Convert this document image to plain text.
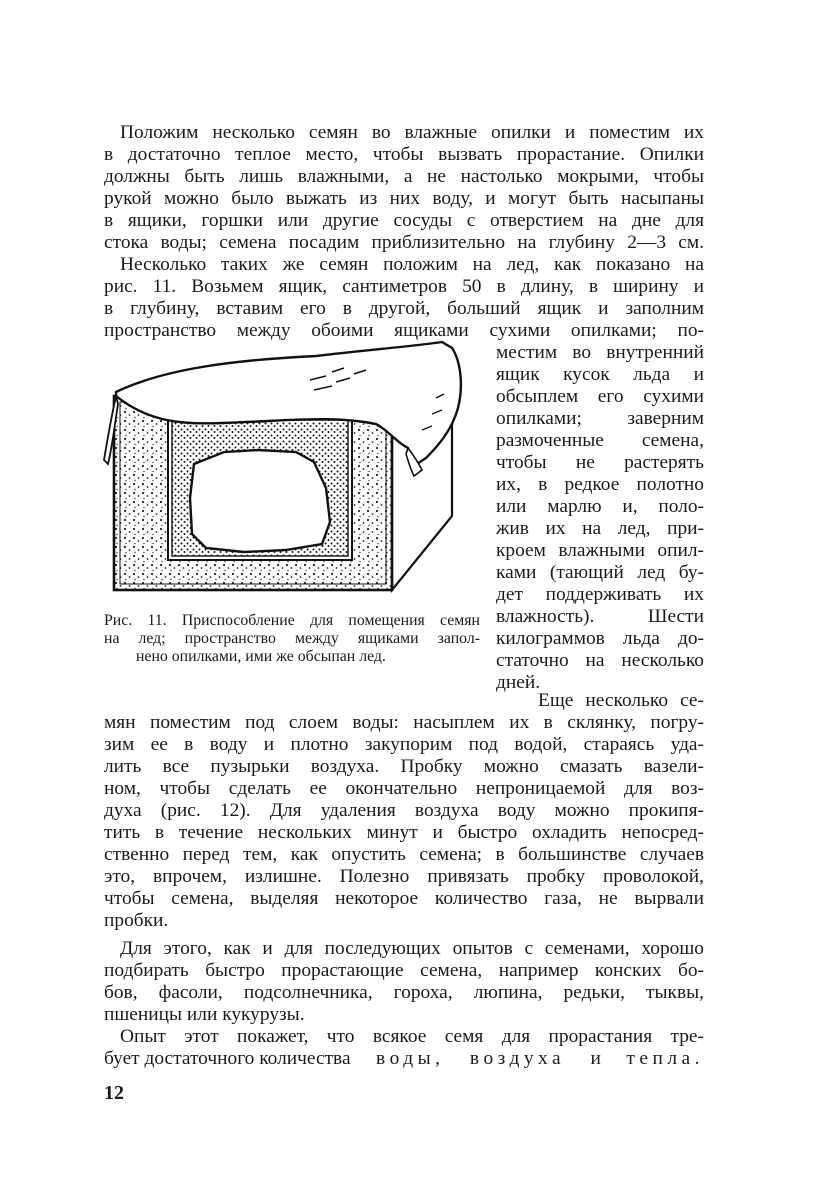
Положим несколько семян во влажные опилки и поместим их
в достаточно теплое место, чтобы вызвать прорастание. Опилки
должны быть лишь влажными, а не настолько мокрыми, чтобы
рукой можно было выжать из них воду, и могут быть насыпаны
в ящики, горшки или другие сосуды с отверстием на дне для
стока воды; семена посадим приблизительно на глубину 2—3 см.
Несколько таких же семян положим на лед, как показано на
рис. 11. Возьмем ящик, сантиметров 50 в длину, в ширину и
в глубину, вставим его в другой, больший ящик и заполним
пространство между обоими ящиками сухими опилками; по-
местим во внутренний
ящик кусок льда и
обсыплем его сухими
опилками; заверним
размоченные семена,
чтобы не растерять
их, в редкое полотно
или марлю и, поло-
жив их на лед, при-
кроем влажными опил-
ками (тающий лед бу-
дет поддерживать их
влажность). Шести
килограммов льда до-
статочно на несколько
дней.
Рис. 11. Приспособление для помещения семян
на лед; пространство между ящиками запол-
нено опилками, ими же обсыпан лед.
Еще несколько се-
мян поместим под слоем воды: насыплем их в склянку, погру-
зим ее в воду и плотно закупорим под водой, стараясь уда-
лить все пузырьки воздуха. Пробку можно смазать вазели-
ном, чтобы сделать ее окончательно непроницаемой для воз-
духа (рис. 12). Для удаления воздуха воду можно прокипя-
тить в течение нескольких минут и быстро охладить непосред-
ственно перед тем, как опустить семена; в большинстве случаев
это, впрочем, излишне. Полезно привязать пробку проволокой,
чтобы семена, выделяя некоторое количество газа, не вырвали
пробки.
Для этого, как и для последующих опытов с семенами, хорошо
подбирать быстро прорастающие семена, например конских бо-
бов, фасоли, подсолнечника, гороха, люпина, редьки, тыквы,
пшеницы или кукурузы.
Опыт этот покажет, что всякое семя для прорастания тре-
бует достаточного количества воды, воздуха и тепла.
12
